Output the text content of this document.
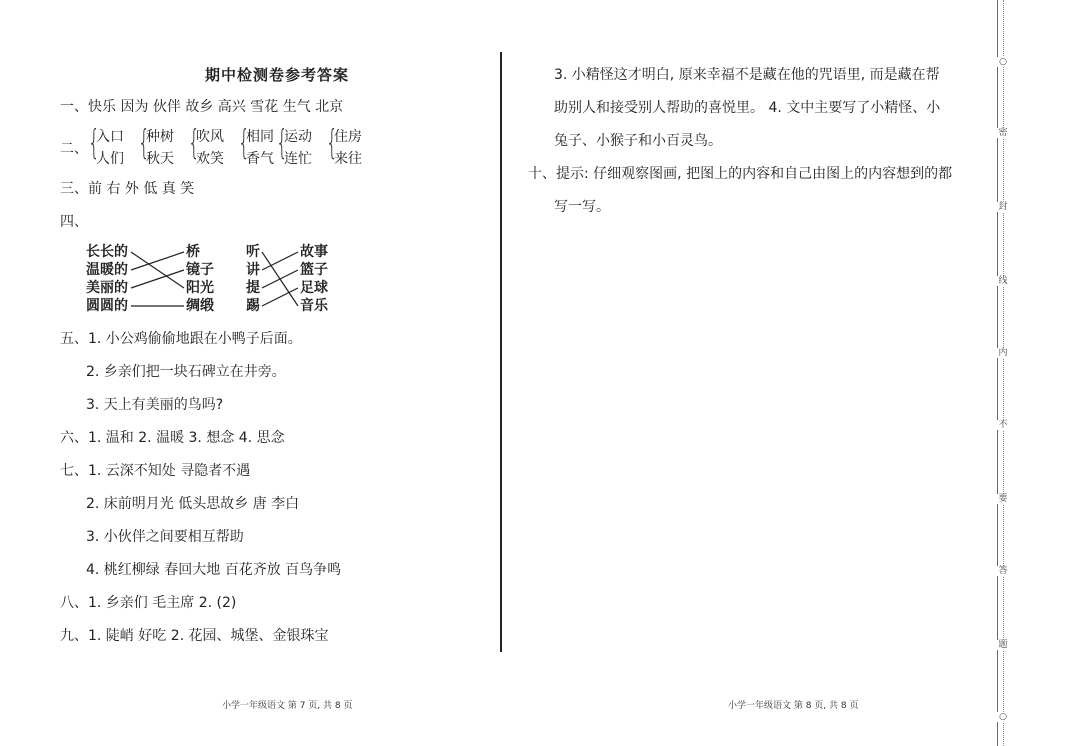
期中检测卷参考答案
一、快乐 因为 伙伴 故乡 高兴 雪花 生气 北京
二、 {
入口
人们 {
种树
秋天 {
吹风
欢笑 {
相同
香气 {
运动
连忙 {
住房
来往
三、前 右 外 低 真 笑
四、
长长的
温暖的
美丽的
圆圆的
桥
镜子
阳光
绸缎
听
讲
提
踢
故事
篮子
足球
音乐
五、1. 小公鸡偷偷地跟在小鸭子后面。
2. 乡亲们把一块石碑立在井旁。
3. 天上有美丽的鸟吗?
六、1. 温和 2. 温暖 3. 想念 4. 思念
七、1. 云深不知处 寻隐者不遇
2. 床前明月光 低头思故乡 唐 李白
3. 小伙伴之间要相互帮助
4. 桃红柳绿 春回大地 百花齐放 百鸟争鸣
八、1. 乡亲们 毛主席 2. (2)
九、1. 陡峭 好吃 2. 花园、城堡、金银珠宝
小学一年级语文 第 7 页, 共 8 页
3. 小精怪这才明白, 原来幸福不是藏在他的咒语里, 而是藏在帮
助别人和接受别人帮助的喜悦里。 4. 文中主要写了小精怪、小
兔子、小猴子和小百灵鸟。
十、提示: 仔细观察图画, 把图上的内容和自己由图上的内容想到的都
写一写。
小学一年级语文 第 8 页, 共 8 页
○
密
封
线
内
不
要
答
题
○
